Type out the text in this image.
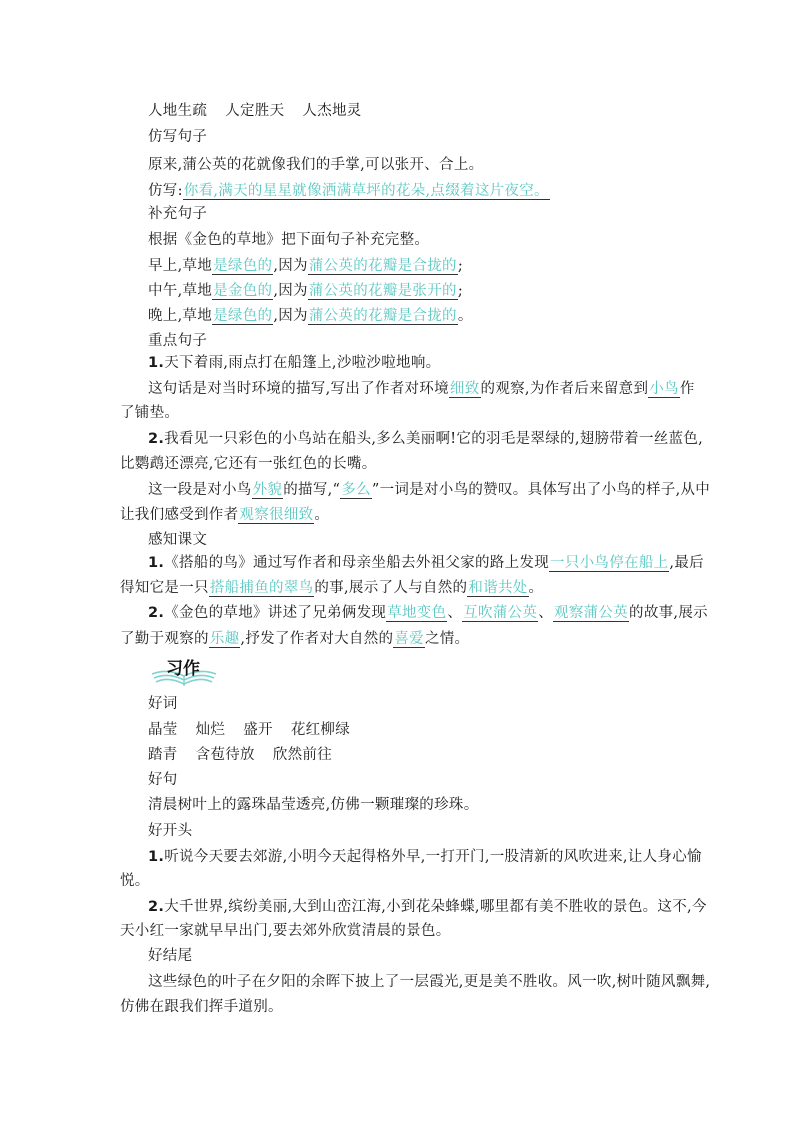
人地生疏 人定胜天 人杰地灵
仿写句子
原来,蒲公英的花就像我们的手掌,可以张开、合上。
仿写:你看,满天的星星就像洒满草坪的花朵,点缀着这片夜空。
补充句子
根据《金色的草地》把下面句子补充完整。
早上,草地是绿色的,因为蒲公英的花瓣是合拢的;
中午,草地是金色的,因为蒲公英的花瓣是张开的;
晚上,草地是绿色的,因为蒲公英的花瓣是合拢的。
重点句子
1.天下着雨,雨点打在船篷上,沙啦沙啦地响。
这句话是对当时环境的描写,写出了作者对环境细致的观察,为作者后来留意到小鸟作
了铺垫。
2.我看见一只彩色的小鸟站在船头,多么美丽啊!它的羽毛是翠绿的,翅膀带着一丝蓝色,
比鹦鹉还漂亮,它还有一张红色的长嘴。
这一段是对小鸟外貌的描写,“多么”一词是对小鸟的赞叹。具体写出了小鸟的样子,从中
让我们感受到作者观察很细致。
感知课文
1.《搭船的鸟》通过写作者和母亲坐船去外祖父家的路上发现一只小鸟停在船上,最后
得知它是一只搭船捕鱼的翠鸟的事,展示了人与自然的和谐共处。
2.《金色的草地》讲述了兄弟俩发现草地变色、互吹蒲公英、观察蒲公英的故事,展示
了勤于观察的乐趣,抒发了作者对大自然的喜爱之情。
习作
好词
晶莹 灿烂 盛开 花红柳绿
踏青 含苞待放 欣然前往
好句
清晨树叶上的露珠晶莹透亮,仿佛一颗璀璨的珍珠。
好开头
1.听说今天要去郊游,小明今天起得格外早,一打开门,一股清新的风吹进来,让人身心愉
悦。
2.大千世界,缤纷美丽,大到山峦江海,小到花朵蜂蝶,哪里都有美不胜收的景色。这不,今
天小红一家就早早出门,要去郊外欣赏清晨的景色。
好结尾
这些绿色的叶子在夕阳的余晖下披上了一层霞光,更是美不胜收。风一吹,树叶随风飘舞,
仿佛在跟我们挥手道别。
